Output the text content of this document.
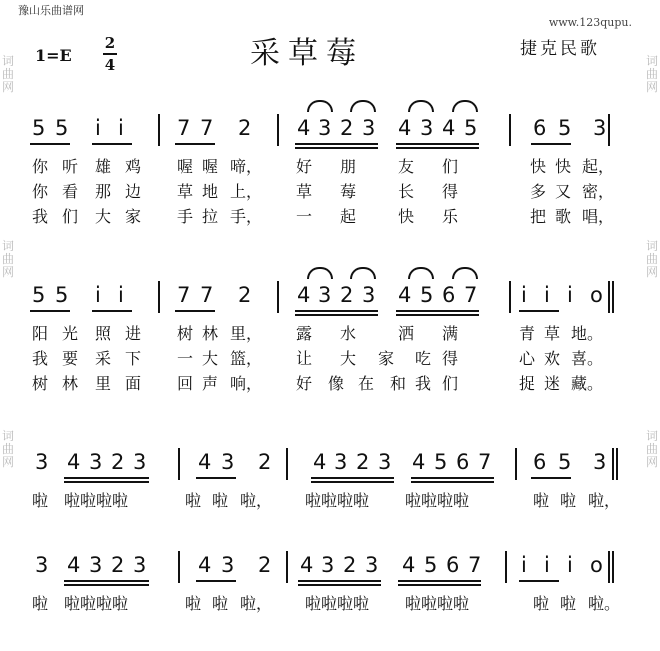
豫山乐曲谱网
www.123qupu.
词曲网
词曲网
词曲网
词曲网
词曲网
词曲网
1=E
2
4	采草莓	捷克民歌
5 5 i i	7 7 2 4 3 2 3 4 3 4 5	6 5 3
你 听 雄 鸡 喔 喔 啼， 好 朋	友 们	快 快 起，
你 看 那 边 草 地 上， 草 莓	长 得	多 又 密，
我 们 大 家 手 拉 手， 一 起	快 乐	把 歌 唱，
5 5 i i	7 7 2 4 3 2 3 4 5 6 7 i i i o
阳 光 照 进 树 林 里， 露 水	洒 满	青 草 地。
我 要 采 下 一 大 篮， 让 大 家 吃 得	心 欢 喜。
树 林 里 面 回 声 响， 好 像 在 和 我 们	捉 迷 藏。
3 4 3 2 3 4 3 2 4 3 2 3 4 5 6 7 6 5 3
啦 啦啦啦啦	啦 啦 啦， 啦啦啦啦 啦啦啦啦	啦 啦 啦，
3 4 3 2 3 4 3 2 4 3 2 3 4 5 6 7 i i i o
啦 啦啦啦啦	啦 啦 啦， 啦啦啦啦 啦啦啦啦	啦 啦 啦。
